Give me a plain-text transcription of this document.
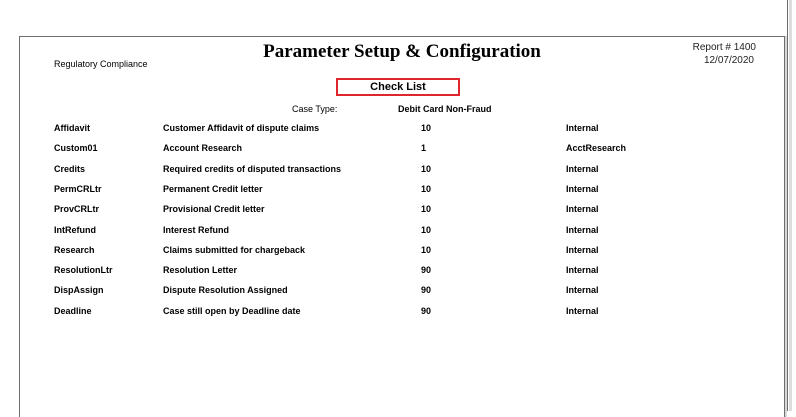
Parameter Setup & Configuration
Regulatory Compliance
Report # 1400
12/07/2020
Check List
Case Type:	Debit Card Non-Fraud
Affidavit	Customer Affidavit of dispute claims	10	Internal
Custom01	Account Research	1	AcctResearch
Credits	Required credits of disputed transactions	10	Internal
PermCRLtr	Permanent Credit letter	10	Internal
ProvCRLtr	Provisional Credit letter	10	Internal
IntRefund	Interest Refund	10	Internal
Research	Claims submitted for chargeback	10	Internal
ResolutionLtr	Resolution Letter	90	Internal
DispAssign	Dispute Resolution Assigned	90	Internal
Deadline	Case still open by Deadline date	90	Internal
